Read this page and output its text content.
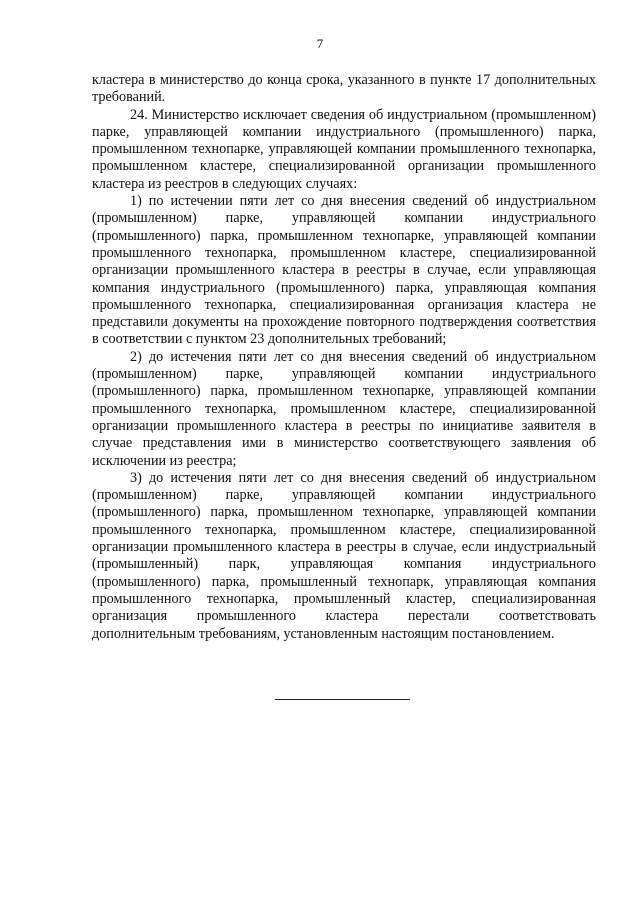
7

кластера в министерство до конца срока, указанного в пункте 17 дополнительных требований.

24. Министерство исключает сведения об индустриальном (промышленном) парке, управляющей компании индустриального (промышленного) парка, промышленном технопарке, управляющей компании промышленного технопарка, промышленном кластере, специализированной организации промышленного кластера из реестров в следующих случаях:

1) по истечении пяти лет со дня внесения сведений об индустриальном (промышленном) парке, управляющей компании индустриального (промышленного) парка, промышленном технопарке, управляющей компании промышленного технопарка, промышленном кластере, специализированной организации промышленного кластера в реестры в случае, если управляющая компания индустриального (промышленного) парка, управляющая компания промышленного технопарка, специализированная организация кластера не представили документы на прохождение повторного подтверждения соответствия в соответствии с пунктом 23 дополнительных требований;

2) до истечения пяти лет со дня внесения сведений об индустриальном (промышленном) парке, управляющей компании индустриального (промышленного) парка, промышленном технопарке, управляющей компании промышленного технопарка, промышленном кластере, специализированной организации промышленного кластера в реестры по инициативе заявителя в случае представления ими в министерство соответствующего заявления об исключении из реестра;

3) до истечения пяти лет со дня внесения сведений об индустриальном (промышленном) парке, управляющей компании индустриального (промышленного) парка, промышленном технопарке, управляющей компании промышленного технопарка, промышленном кластере, специализированной организации промышленного кластера в реестры в случае, если индустриальный (промышленный) парк, управляющая компания индустриального (промышленного) парка, промышленный технопарк, управляющая компания промышленного технопарка, промышленный кластер, специализированная организация промышленного кластера перестали соответствовать дополнительным требованиям, установленным настоящим постановлением.
